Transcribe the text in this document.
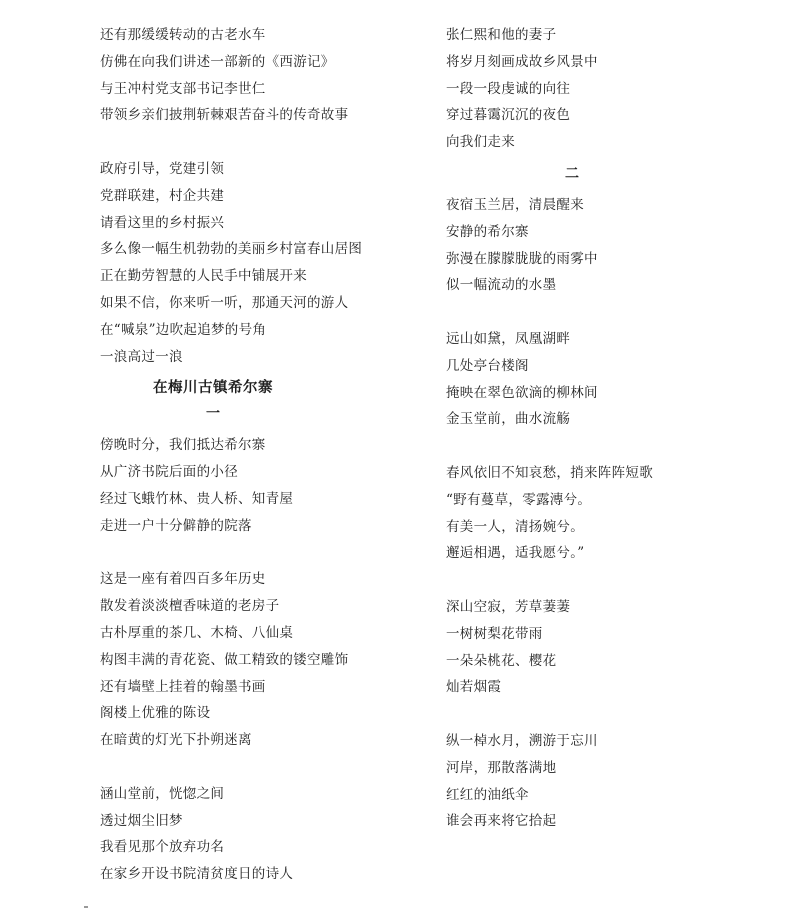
还有那缓缓转动的古老水车
仿佛在向我们讲述一部新的《西游记》
与王冲村党支部书记李世仁
带领乡亲们披荆斩棘艰苦奋斗的传奇故事
政府引导，党建引领
党群联建，村企共建
请看这里的乡村振兴
多么像一幅生机勃勃的美丽乡村富春山居图
正在勤劳智慧的人民手中铺展开来
如果不信，你来听一听，那通天河的游人
在“喊泉”边吹起追梦的号角
一浪高过一浪
在梅川古镇希尔寨
一
傍晚时分，我们抵达希尔寨
从广济书院后面的小径
经过飞蛾竹林、贵人桥、知青屋
走进一户十分僻静的院落
这是一座有着四百多年历史
散发着淡淡檀香味道的老房子
古朴厚重的茶几、木椅、八仙桌
构图丰满的青花瓷、做工精致的镂空雕饰
还有墙壁上挂着的翰墨书画
阁楼上优雅的陈设
在暗黄的灯光下扑朔迷离
涵山堂前，恍惚之间
透过烟尘旧梦
我看见那个放弃功名
在家乡开设书院清贫度日的诗人
张仁熙和他的妻子
将岁月刻画成故乡风景中
一段一段虔诚的向往
穿过暮霭沉沉的夜色
向我们走来
二
夜宿玉兰居，清晨醒来
安静的希尔寨
弥漫在朦朦胧胧的雨雾中
似一幅流动的水墨
远山如黛，凤凰湖畔
几处亭台楼阁
掩映在翠色欲滴的柳林间
金玉堂前，曲水流觞
春风依旧不知哀愁，捎来阵阵短歌
“野有蔓草，零露漙兮。
有美一人，清扬婉兮。
邂逅相遇，适我愿兮。”
深山空寂，芳草萋萋
一树树梨花带雨
一朵朵桃花、樱花
灿若烟霞
纵一棹水月，溯游于忘川
河岸，那散落满地
红红的油纸伞
谁会再来将它拾起
